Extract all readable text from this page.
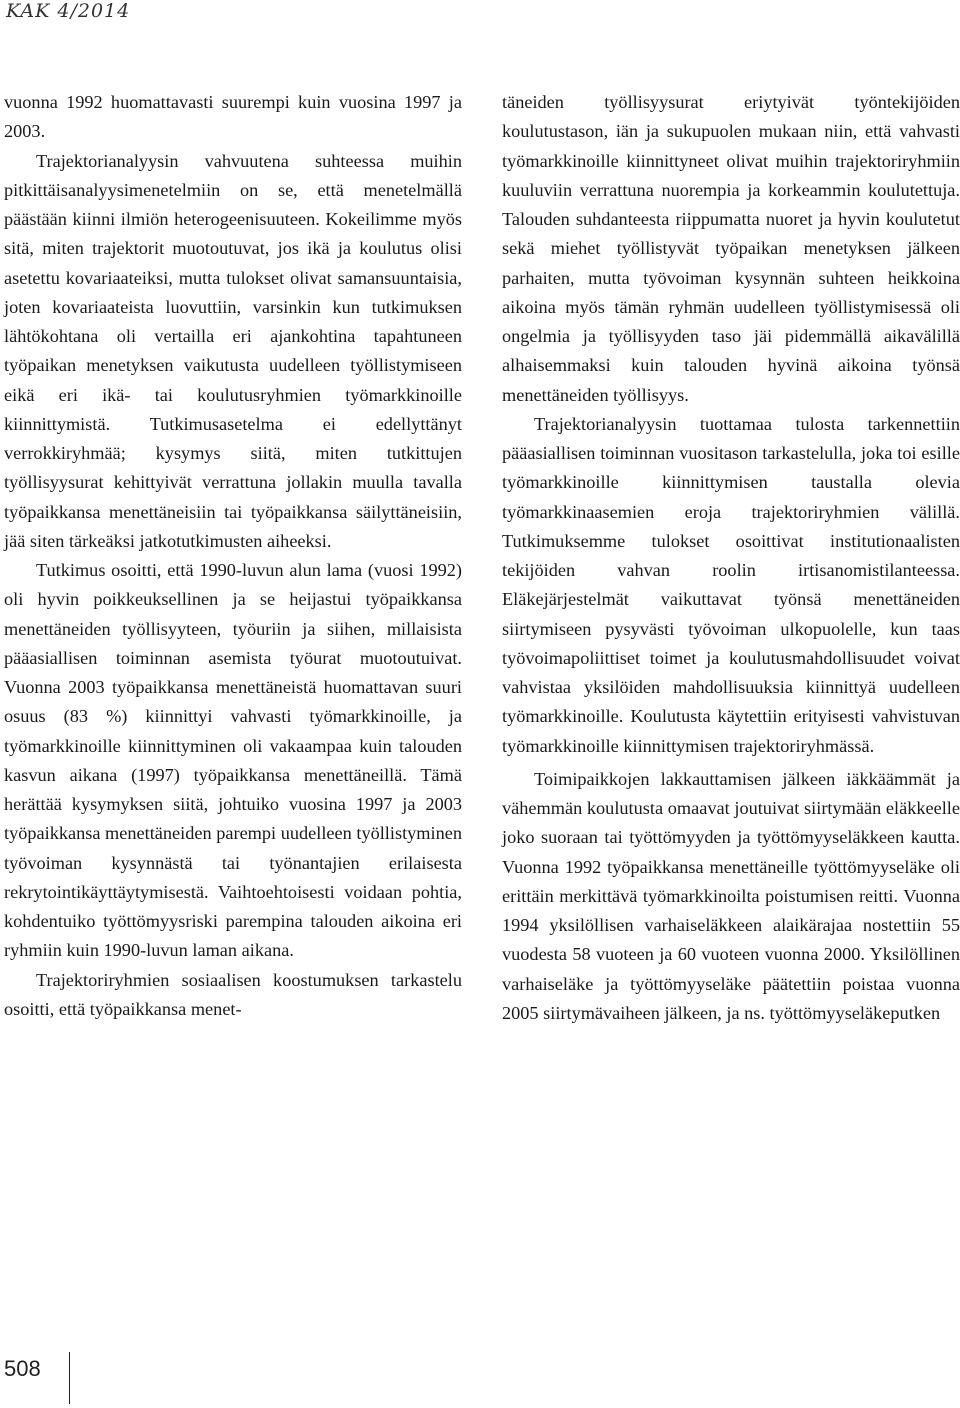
KAK 4/2014

vuonna 1992 huomattavasti suurempi kuin vuosina 1997 ja 2003.

Trajektorianalyysin vahvuutena suhteessa muihin pitkittäisanalyysimenetelmiin on se, että menetelmällä päästään kiinni ilmiön heterogeenisuuteen. Kokeilimme myös sitä, miten trajektorit muotoutuvat, jos ikä ja koulutus olisi asetettu kovariaateiksi, mutta tulokset olivat samansuuntaisia, joten kovariaateista luovuttiin, varsinkin kun tutkimuksen lähtökohtana oli vertailla eri ajankohtina tapahtuneen työpaikan menetyksen vaikutusta uudelleen työllistymiseen eikä eri ikä- tai koulutusryhmien työmarkkinoille kiinnittymistä. Tutkimusasetelma ei edellyttänyt verrokkiryhmää; kysymys siitä, miten tutkittujen työllisyysurat kehittyivät verrattuna jollakin muulla tavalla työpaikkansa menettäneisiin tai työpaikkansa säilyttäneisiin, jää siten tärkeäksi jatkotutkimusten aiheeksi.

Tutkimus osoitti, että 1990-luvun alun lama (vuosi 1992) oli hyvin poikkeuksellinen ja se heijastui työpaikkansa menettäneiden työllisyyteen, työuriin ja siihen, millaisista pääasiallisen toiminnan asemista työurat muotoutuivat. Vuonna 2003 työpaikkansa menettäneistä huomattavan suuri osuus (83 %) kiinnittyi vahvasti työmarkkinoille, ja työmarkkinoille kiinnittyminen oli vakaampaa kuin talouden kasvun aikana (1997) työpaikkansa menettäneillä. Tämä herättää kysymyksen siitä, johtuiko vuosina 1997 ja 2003 työpaikkansa menettäneiden parempi uudelleen työllistyminen työvoiman kysynnästä tai työnantajien erilaisesta rekrytointikäyttäytymisestä. Vaihtoehtoisesti voidaan pohtia, kohdentuiko työttömyysriski parempina talouden aikoina eri ryhmiin kuin 1990-luvun laman aikana.

Trajektoriryhmien sosiaalisen koostumuksen tarkastelu osoitti, että työpaikkansa menet-

täneiden työllisyysurat eriytyivät työntekijöiden koulutustason, iän ja sukupuolen mukaan niin, että vahvasti työmarkkinoille kiinnittyneet olivat muihin trajektoriryhmiin kuuluviin verrattuna nuorempia ja korkeammin koulutettuja. Talouden suhdanteesta riippumatta nuoret ja hyvin koulutetut sekä miehet työllistyvät työpaikan menetyksen jälkeen parhaiten, mutta työvoiman kysynnän suhteen heikkoina aikoina myös tämän ryhmän uudelleen työllistymisessä oli ongelmia ja työllisyyden taso jäi pidemmällä aikavälillä alhaisemmaksi kuin talouden hyvinä aikoina työnsä menettäneiden työllisyys.

Trajektorianalyysin tuottamaa tulosta tarkennettiin pääasiallisen toiminnan vuositason tarkastelulla, joka toi esille työmarkkinoille kiinnittymisen taustalla olevia työmarkkinaasemien eroja trajektoriryhmien välillä. Tutkimuksemme tulokset osoittivat institutionaalisten tekijöiden vahvan roolin irtisanomistilanteessa. Eläkejärjestelmät vaikuttavat työnsä menettäneiden siirtymiseen pysyvästi työvoiman ulkopuolelle, kun taas työvoimapoliittiset toimet ja koulutusmahdollisuudet voivat vahvistaa yksilöiden mahdollisuuksia kiinnittyä uudelleen työmarkkinoille. Koulutusta käytettiin erityisesti vahvistuvan työmarkkinoille kiinnittymisen trajektoriryhmässä.

Toimipaikkojen lakkauttamisen jälkeen iäkkäämmät ja vähemmän koulutusta omaavat joutuivat siirtymään eläkkeelle joko suoraan tai työttömyyden ja työttömyyseläkkeen kautta. Vuonna 1992 työpaikkansa menettäneille työttömyyseläke oli erittäin merkittävä työmarkkinoilta poistumisen reitti. Vuonna 1994 yksilöllisen varhaiseläkkeen alaikärajaa nostettiin 55 vuodesta 58 vuoteen ja 60 vuoteen vuonna 2000. Yksilöllinen varhaiseläke ja työttömyyseläke päätettiin poistaa vuonna 2005 siirtymävaiheen jälkeen, ja ns. työttömyyseläkeputken

508
